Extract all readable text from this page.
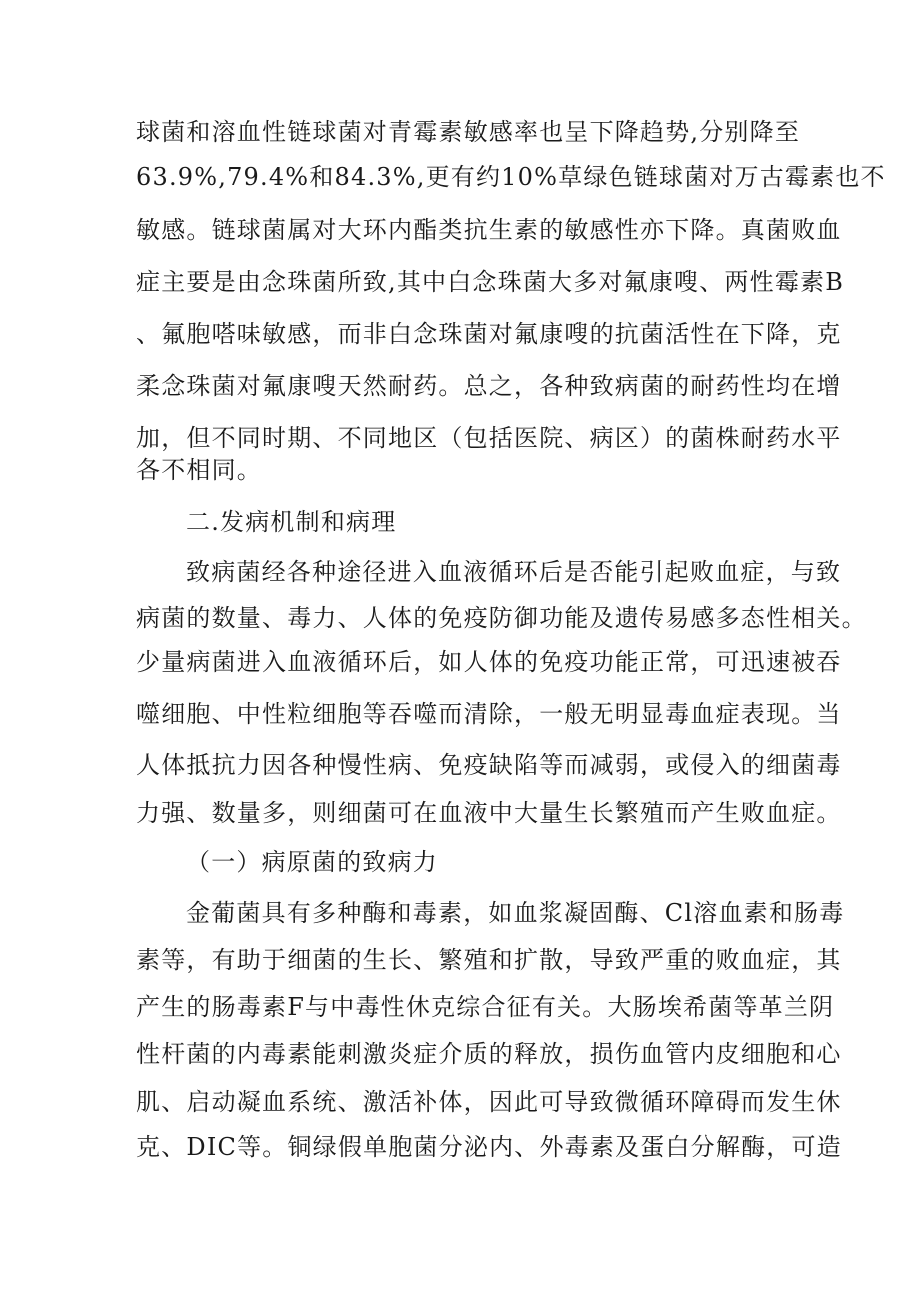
球菌和溶血性链球菌对青霉素敏感率也呈下降趋势,分别降至
63.9%,79.4%和84.3%,更有约10%草绿色链球菌对万古霉素也不
敏感。链球菌属对大环内酯类抗生素的敏感性亦下降。真菌败血
症主要是由念珠菌所致,其中白念珠菌大多对氟康嗖、两性霉素B
、氟胞嗒味敏感，而非白念珠菌对氟康嗖的抗菌活性在下降，克
柔念珠菌对氟康嗖天然耐药。总之，各种致病菌的耐药性均在增
加，但不同时期、不同地区（包括医院、病区）的菌株耐药水平
各不相同。
二.发病机制和病理
致病菌经各种途径进入血液循环后是否能引起败血症，与致
病菌的数量、毒力、人体的免疫防御功能及遗传易感多态性相关。
少量病菌进入血液循环后，如人体的免疫功能正常，可迅速被吞
噬细胞、中性粒细胞等吞噬而清除，一般无明显毒血症表现。当
人体抵抗力因各种慢性病、免疫缺陷等而减弱，或侵入的细菌毒
力强、数量多，则细菌可在血液中大量生长繁殖而产生败血症。
（一）病原菌的致病力
金葡菌具有多种酶和毒素，如血浆凝固酶、Cl溶血素和肠毒
素等，有助于细菌的生长、繁殖和扩散，导致严重的败血症，其
产生的肠毒素F与中毒性休克综合征有关。大肠埃希菌等革兰阴
性杆菌的内毒素能刺激炎症介质的释放，损伤血管内皮细胞和心
肌、启动凝血系统、激活补体，因此可导致微循环障碍而发生休
克、DIC等。铜绿假单胞菌分泌内、外毒素及蛋白分解酶，可造
